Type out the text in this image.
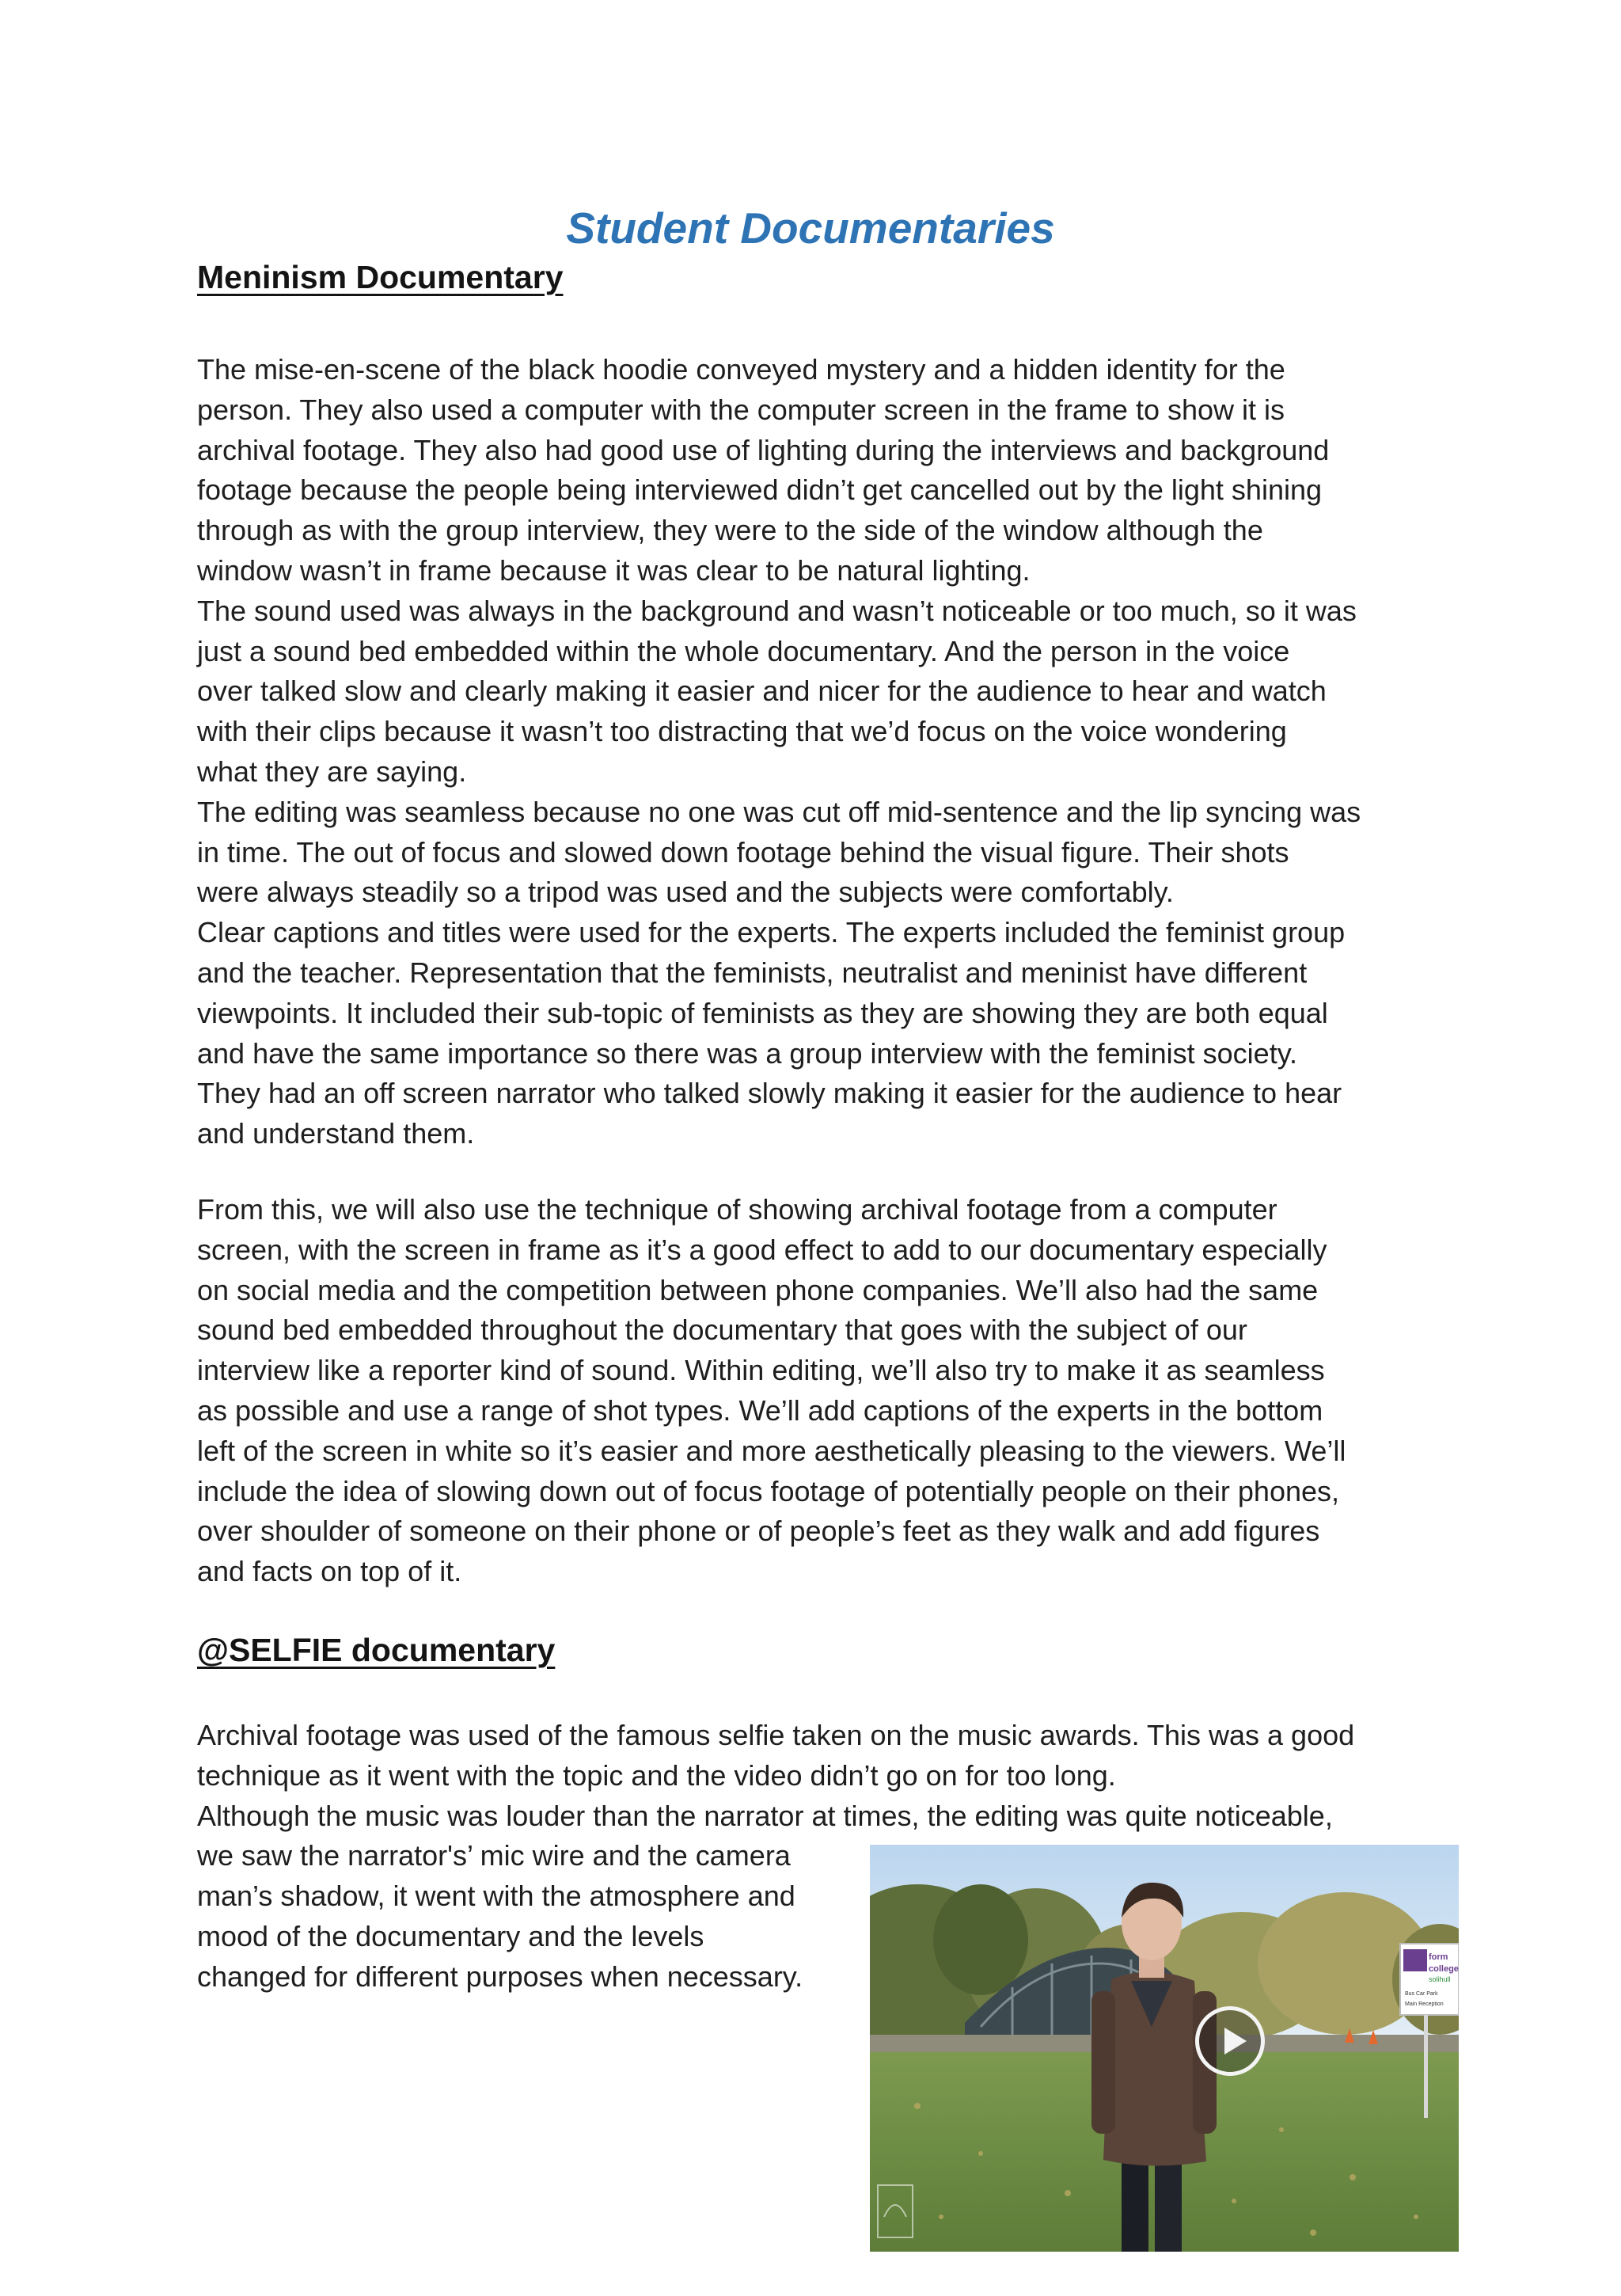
Student Documentaries
Meninism Documentary
The mise-en-scene of the black hoodie conveyed mystery and a hidden identity for the
person. They also used a computer with the computer screen in the frame to show it is
archival footage. They also had good use of lighting during the interviews and background
footage because the people being interviewed didn’t get cancelled out by the light shining
through as with the group interview, they were to the side of the window although the
window wasn’t in frame because it was clear to be natural lighting.
The sound used was always in the background and wasn’t noticeable or too much, so it was
just a sound bed embedded within the whole documentary. And the person in the voice
over talked slow and clearly making it easier and nicer for the audience to hear and watch
with their clips because it wasn’t too distracting that we’d focus on the voice wondering
what they are saying.
The editing was seamless because no one was cut off mid-sentence and the lip syncing was
in time. The out of focus and slowed down footage behind the visual figure. Their shots
were always steadily so a tripod was used and the subjects were comfortably.
Clear captions and titles were used for the experts. The experts included the feminist group
and the teacher. Representation that the feminists, neutralist and meninist have different
viewpoints. It included their sub-topic of feminists as they are showing they are both equal
and have the same importance so there was a group interview with the feminist society.
They had an off screen narrator who talked slowly making it easier for the audience to hear
and understand them.
From this, we will also use the technique of showing archival footage from a computer
screen, with the screen in frame as it’s a good effect to add to our documentary especially
on social media and the competition between phone companies. We’ll also had the same
sound bed embedded throughout the documentary that goes with the subject of our
interview like a reporter kind of sound. Within editing, we’ll also try to make it as seamless
as possible and use a range of shot types. We’ll add captions of the experts in the bottom
left of the screen in white so it’s easier and more aesthetically pleasing to the viewers. We’ll
include the idea of slowing down out of focus footage of potentially people on their phones,
over shoulder of someone on their phone or of people’s feet as they walk and add figures
and facts on top of it.
@SELFIE documentary
Archival footage was used of the famous selfie taken on the music awards. This was a good
technique as it went with the topic and the video didn’t go on for too long.
Although the music was louder than the narrator at times, the editing was quite noticeable,
we saw the narrator's’ mic wire and the camera
man’s shadow, it went with the atmosphere and
mood of the documentary and the levels
changed for different purposes when necessary.
form
college
solihull
Bus Car Park
Main Reception
